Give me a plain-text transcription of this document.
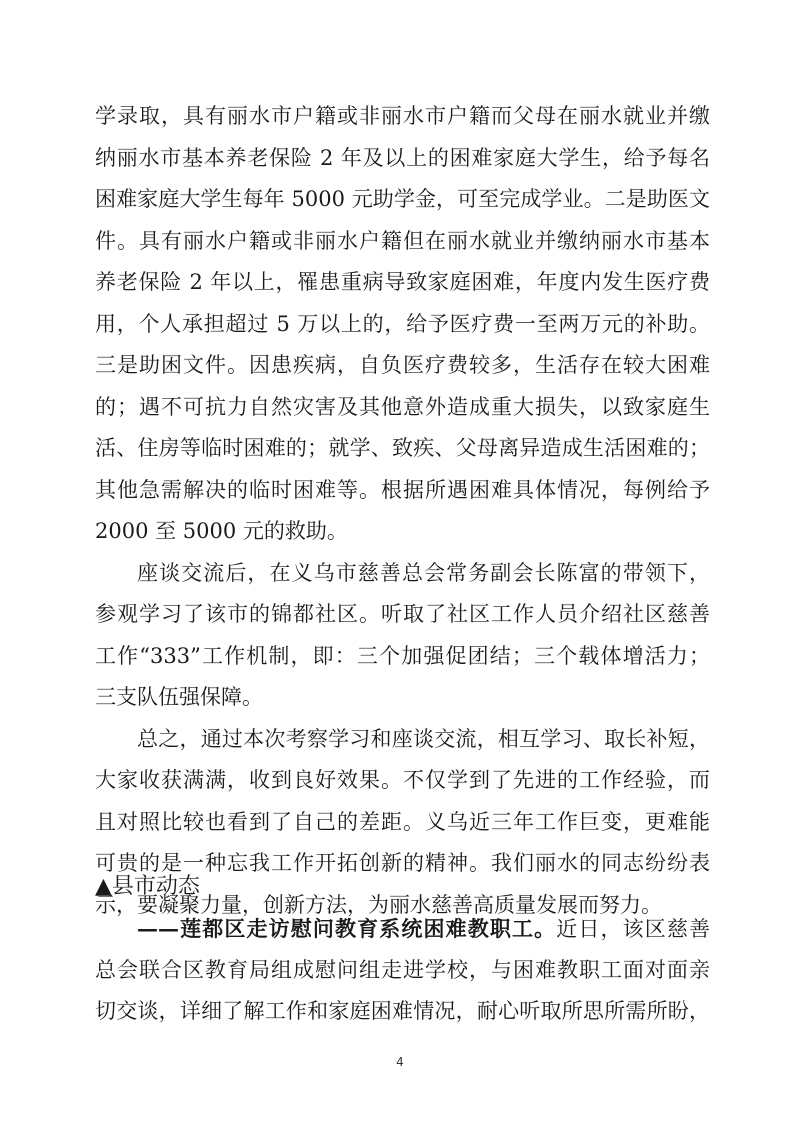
学录取，具有丽水市户籍或非丽水市户籍而父母在丽水就业并缴
纳丽水市基本养老保险 2 年及以上的困难家庭大学生，给予每名
困难家庭大学生每年 5000 元助学金，可至完成学业。二是助医文
件。具有丽水户籍或非丽水户籍但在丽水就业并缴纳丽水市基本
养老保险 2 年以上，罹患重病导致家庭困难，年度内发生医疗费
用，个人承担超过 5 万以上的，给予医疗费一至两万元的补助。
三是助困文件。因患疾病，自负医疗费较多，生活存在较大困难
的；遇不可抗力自然灾害及其他意外造成重大损失，以致家庭生
活、住房等临时困难的；就学、致疾、父母离异造成生活困难的；
其他急需解决的临时困难等。根据所遇困难具体情况，每例给予
2000 至 5000 元的救助。
座谈交流后，在义乌市慈善总会常务副会长陈富的带领下，
参观学习了该市的锦都社区。听取了社区工作人员介绍社区慈善
工作“333”工作机制，即：三个加强促团结；三个载体增活力；
三支队伍强保障。
总之，通过本次考察学习和座谈交流，相互学习、取长补短，
大家收获满满，收到良好效果。不仅学到了先进的工作经验，而
且对照比较也看到了自己的差距。义乌近三年工作巨变，更难能
可贵的是一种忘我工作开拓创新的精神。我们丽水的同志纷纷表
示，要凝聚力量，创新方法，为丽水慈善高质量发展而努力。
▲县市动态
——莲都区走访慰问教育系统困难教职工。近日，该区慈善
总会联合区教育局组成慰问组走进学校，与困难教职工面对面亲
切交谈，详细了解工作和家庭困难情况，耐心听取所思所需所盼，
4
